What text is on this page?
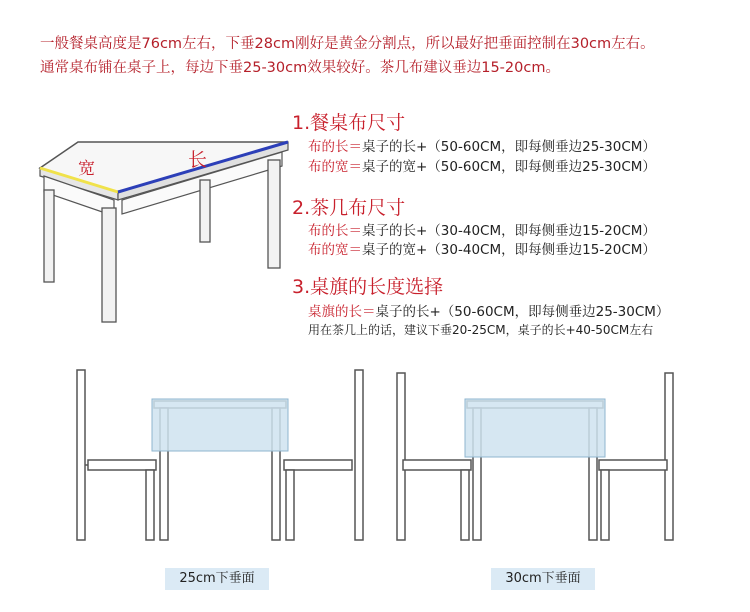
一般餐桌高度是76cm左右，下垂28cm刚好是黄金分割点，所以最好把垂面控制在30cm左右。
通常桌布铺在桌子上，每边下垂25-30cm效果较好。茶几布建议垂边15-20cm。
宽	长
1.餐桌布尺寸
布的长＝桌子的长+（50-60CM，即每侧垂边25-30CM）
布的宽＝桌子的宽+（50-60CM，即每侧垂边25-30CM）
2.茶几布尺寸
布的长＝桌子的长+（30-40CM，即每侧垂边15-20CM）
布的宽＝桌子的宽+（30-40CM，即每侧垂边15-20CM）
3.桌旗的长度选择
桌旗的长＝桌子的长+（50-60CM，即每侧垂边25-30CM）
用在茶几上的话，建议下垂20-25CM，桌子的长+40-50CM左右
25cm下垂面	30cm下垂面
